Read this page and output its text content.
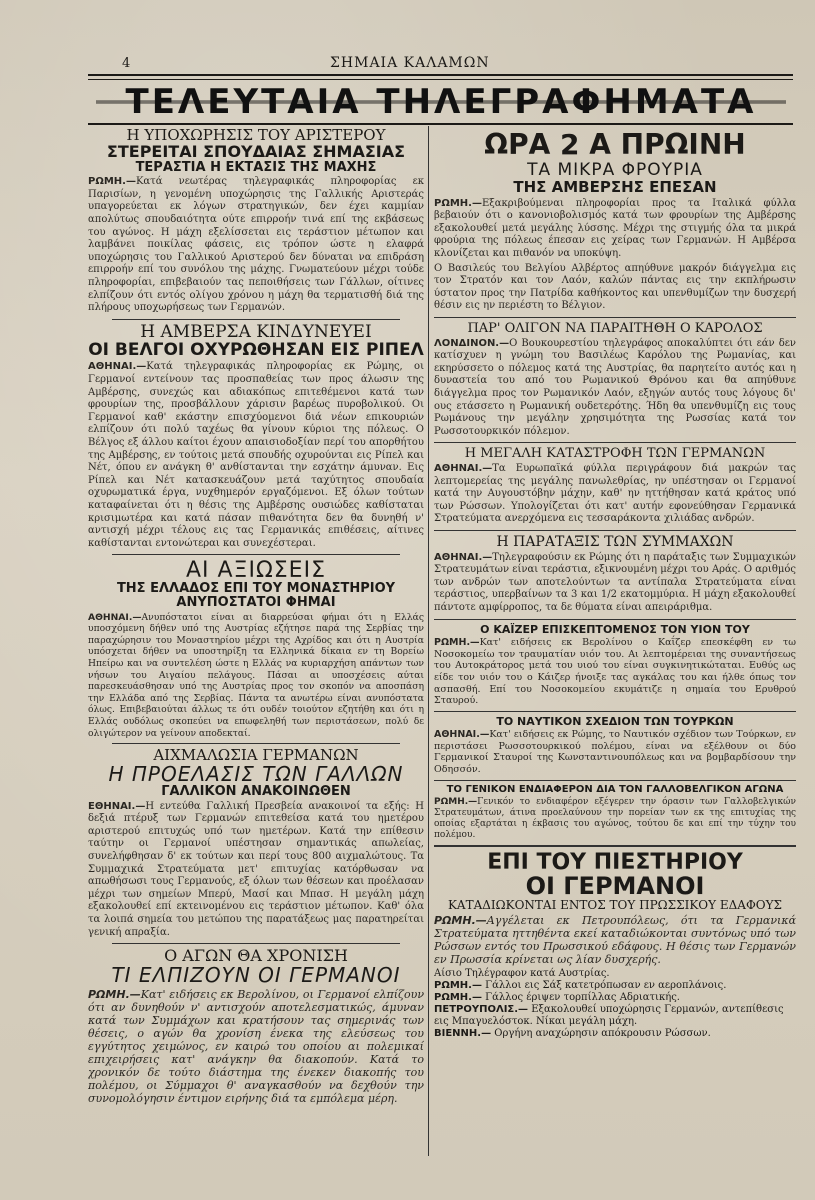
4	ΣΗΜΑΙΑ ΚΑΛΑΜΩΝ
ΤΕΛΕΥΤΑΙΑ ΤΗΛΕΓΡΑΦΗΜΑΤΑ

Η ΥΠΟΧΩΡΗΣΙΣ ΤΟΥ ΑΡΙΣΤΕΡΟΥ

ΣΤΕΡΕΙΤΑΙ ΣΠΟΥΔΑΙΑΣ ΣΗΜΑΣΙΑΣ

ΤΕΡΑΣΤΙΑ Η ΕΚΤΑΣΙΣ ΤΗΣ ΜΑΧΗΣ

ΡΩΜΗ.—Κατά νεωτέρας τηλεγραφικάς πληροφορίας εκ Παρισίων, η γενομένη υποχώρησις της Γαλλικής Αριστεράς υπαγορεύεται εκ λόγων στρατηγικών, δεν έχει καμμίαν απολύτως σπουδαιότητα ούτε επιρροήν τινά επί της εκβάσεως του αγώνος. Η μάχη εξελίσσεται εις τεράστιον μέτωπον και λαμβάνει ποικίλας φάσεις, εις τρόπον ώστε η ελαφρά υποχώρησις του Γαλλικού Αριστερού δεν δύναται να επιδράση επιρροήν επί του συνόλου της μάχης. Γνωματεύουν μέχρι τούδε πληροφορίαι, επιβεβαιούν τας πεποιθήσεις των Γάλλων, οίτινες ελπίζουν ότι εντός ολίγου χρόνου η μάχη θα τερματισθή διά της πλήρους υποχωρήσεως των Γερμανών.

Η ΑΜΒΕΡΣΑ ΚΙΝΔΥΝΕΥΕΙ

ΟΙ ΒΕΛΓΟΙ ΟΧΥΡΩΘΗΣΑΝ ΕΙΣ ΡΙΠΕΛ

ΑΘΗΝΑΙ.—Κατά τηλεγραφικάς πληροφορίας εκ Ρώμης, οι Γερμανοί εντείνουν τας προσπαθείας των προς άλωσιν της Αμβέρσης, συνεχώς και αδιακόπως επιτεθέμενοι κατά των φρουρίων της, προσβάλλουν χάρισιν βαρέως πυροβολικού. Οι Γερμανοί καθ' εκάστην επισχύομενοι διά νέων επικουριών ελπίζουν ότι πολύ ταχέως θα γίνουν κύριοι της πόλεως. Ο Βέλγος εξ άλλου καίτοι έχουν απαισιοδοξίαν περί του απορθήτου της Αμβέρσης, εν τούτοις μετά σπουδής οχυρούνται εις Ρίπελ και Νέτ, όπου εν ανάγκη θ' ανθίστανται την εσχάτην άμυναν. Εις Ρίπελ και Νέτ κατασκευάζουν μετά ταχύτητος σπουδαία οχυρωματικά έργα, νυχθημερόν εργαζόμενοι. Εξ όλων τούτων καταφαίνεται ότι η θέσις της Αμβέρσης ουσιώδες καθίσταται κρισιμωτέρα και κατά πάσαν πιθανότητα δεν θα δυνηθή ν' αντισχή μέχρι τέλους εις τας Γερμανικάς επιθέσεις, αίτινες καθίστανται εντονώτεραι και συνεχέστεραι.

ΑΙ ΑΞΙΩΣΕΙΣ

ΤΗΣ ΕΛΛΑΔΟΣ ΕΠΙ ΤΟΥ ΜΟΝΑΣΤΗΡΙΟΥ

ΑΝΥΠΟΣΤΑΤΟΙ ΦΗΜΑΙ

ΑΘΗΝΑΙ.—Ανυπόστατοι είναι αι διαρρεύσαι φήμαι ότι η Ελλάς υποσχόμενη δήθεν υπό της Αυστρίας εζήτησε παρά της Σερβίας την παραχώρησιν του Μοναστηρίου μέχρι της Αχρίδος και ότι η Αυστρία υπόσχεται δήθεν να υποστηρίξη τα Ελληνικά δίκαια εν τη Βορείω Ηπείρω και να συντελέση ώστε η Ελλάς να κυριαρχήση απάντων των νήσων του Αιγαίου πελάγους. Πάσαι αι υποσχέσεις αύται παρεσκευάσθησαν υπό της Αυστρίας προς τον σκοπόν να αποσπάση την Ελλάδα από της Σερβίας. Πάντα τα ανωτέρω είναι ανυπόστατα όλως. Επιβεβαιούται άλλως τε ότι ουδέν τοιούτον εζητήθη και ότι η Ελλάς ουδόλως σκοπεύει να επωφεληθή των περιστάσεων, πολύ δε ολιγώτερον να γείνουν αποδεκταί.

ΑΙΧΜΑΛΩΣΙΑ ΓΕΡΜΑΝΩΝ

Η ΠΡΟΕΛΑΣΙΣ ΤΩΝ ΓΑΛΛΩΝ

ΓΑΛΛΙΚΟΝ ΑΝΑΚΟΙΝΩΘΕΝ

ΕΘΗΝΑΙ.—Η εντεύθα Γαλλική Πρεσβεία ανακοινοί τα εξής: Η δεξιά πτέρυξ των Γερμανών επιτεθείσα κατά του ημετέρου αριστερού επιτυχώς υπό των ημετέρων. Κατά την επίθεσιν ταύτην οι Γερμανοί υπέστησαν σημαντικάς απωλείας, συνελήφθησαν δ' εκ τούτων και περί τους 800 αιχμαλώτους. Τα Συμμαχικά Στρατεύματα μετ' επιτυχίας κατόρθωσαν να απωθήσωσι τους Γερμανούς, εξ όλων των θέσεων και προέλασαν μέχρι των σημείων Μπερύ, Μασί και Μπασ. Η μεγάλη μάχη εξακολουθεί επί εκτεινομένου εις τεράστιον μέτωπον. Καθ' όλα τα λοιπά σημεία του μετώπου της παρατάξεως μας παρατηρείται γενική απραξία.

Ο ΑΓΩΝ ΘΑ ΧΡΟΝΙΣΗ

ΤΙ ΕΛΠΙΖΟΥΝ ΟΙ ΓΕΡΜΑΝΟΙ

ΡΩΜΗ.—Κατ' ειδήσεις εκ Βερολίνου, οι Γερμανοί ελπίζουν ότι αν δυνηθούν ν' αντισχούν αποτελεσματικώς, άμυναν κατά των Συμμάχων και κρατήσουν τας σημερινάς των θέσεις, ο αγών θα χρονίση ένεκα της ελεύσεως του εγγύτητος χειμώνος, εν καιρώ του οποίου αι πολεμικαί επιχειρήσεις κατ' ανάγκην θα διακοπούν. Κατά το χρονικόν δε τούτο διάστημα της ένεκεν διακοπής του πολέμου, οι Σύμμαχοι θ' αναγκασθούν να δεχθούν την συνομολόγησιν έντιμον ειρήνης διά τα εμπόλεμα μέρη.

ΩΡΑ 2 Α ΠΡΩΙΝΗ

ΤΑ ΜΙΚΡΑ ΦΡΟΥΡΙΑ

ΤΗΣ ΑΜΒΕΡΣΗΣ ΕΠΕΣΑΝ

ΡΩΜΗ.—Εξακριβούμεναι πληροφορίαι προς τα Ιταλικά φύλλα βεβαιούν ότι ο κανονιοβολισμός κατά των φρουρίων της Αμβέρσης εξακολουθεί μετά μεγάλης λύσσης. Μέχρι της στιγμής όλα τα μικρά φρούρια της πόλεως έπεσαν εις χείρας των Γερμανών. Η Αμβέρσα κλονίζεται και πιθανόν να υποκύψη.

Ο Βασιλεύς του Βελγίου Αλβέρτος απηύθυνε μακρόν διάγγελμα εις τον Στρατόν και τον Λαόν, καλών πάντας εις την εκπλήρωσιν ύστατον προς την Πατρίδα καθήκοντος και υπενθυμίζων την δυσχερή θέσιν εις ην περιέστη το Βέλγιον.

ΠΑΡ' ΟΛΙΓΟΝ ΝΑ ΠΑΡΑΙΤΗΘΗ Ο ΚΑΡΟΛΟΣ

ΛΟΝΔΙΝΟΝ.—Ο Βουκουρεστίου τηλεγράφος αποκαλύπτει ότι εάν δεν κατίσχυεν η γνώμη του Βασιλέως Καρόλου της Ρωμανίας, και εκηρύσσετο ο πόλεμος κατά της Αυστρίας, θα παρητείτο αυτός και η δυναστεία του από του Ρωμανικού Θρόνου και θα απηύθυνε διάγγελμα προς τον Ρωμανικόν Λαόν, εξηγών αυτός τους λόγους δι' ους ετάσσετο η Ρωμανική ουδετερότης. Ήδη θα υπενθυμίζη εις τους Ρωμάνους την μεγάλην χρησιμότητα της Ρωσσίας κατά τον Ρωσσοτουρκικόν πόλεμον.

Η ΜΕΓΑΛΗ ΚΑΤΑΣΤΡΟΦΗ ΤΩΝ ΓΕΡΜΑΝΩΝ

ΑΘΗΝΑΙ.—Τα Ευρωπαϊκά φύλλα περιγράφουν διά μακρών τας λεπτομερείας της μεγάλης πανωλεθρίας, ην υπέστησαν οι Γερμανοί κατά την Αυγουστόβην μάχην, καθ' ην ηττήθησαν κατά κράτος υπό των Ρώσσων. Υπολογίζεται ότι κατ' αυτήν εφονεύθησαν Γερμανικά Στρατεύματα ανερχόμενα εις τεσσαράκοντα χιλιάδας ανδρών.

Η ΠΑΡΑΤΑΞΙΣ ΤΩΝ ΣΥΜΜΑΧΩΝ

ΑΘΗΝΑΙ.—Τηλεγραφούσιν εκ Ρώμης ότι η παράταξις των Συμμαχικών Στρατευμάτων είναι τεράστια, εξικνουμένη μέχρι του Αράς. Ο αριθμός των ανδρών των αποτελούντων τα αντίπαλα Στρατεύματα είναι τεράστιος, υπερβαίνων τα 3 και 1/2 εκατομμύρια. Η μάχη εξακολουθεί πάντοτε αμφίρροπος, τα δε θύματα είναι απειράριθμα.

Ο ΚΑΪΖΕΡ ΕΠΙΣΚΕΠΤΟΜΕΝΟΣ ΤΟΝ ΥΙΟΝ ΤΟΥ

ΡΩΜΗ.—Κατ' ειδήσεις εκ Βερολίνου ο Καΐζερ επεσκέφθη εν τω Νοσοκομείω τον τραυματίαν υιόν του. Αι λεπτομέρειαι της συναντήσεως του Αυτοκράτορος μετά του υιού του είναι συγκινητικώταται. Ευθύς ως είδε τον υιόν του ο Κάιζερ ήνοιξε τας αγκάλας του και ήλθε όπως τον ασπασθή. Επί του Νοσοκομείου εκυμάτιζε η σημαία του Ερυθρού Σταυρού.

ΤΟ ΝΑΥΤΙΚΟΝ ΣΧΕΔΙΟΝ ΤΩΝ ΤΟΥΡΚΩΝ

ΑΘΗΝΑΙ.—Κατ' ειδήσεις εκ Ρώμης, το Ναυτικόν σχέδιον των Τούρκων, εν περιστάσει Ρωσσοτουρκικού πολέμου, είναι να εξέλθουν οι δύο Γερμανικοί Σταυροί της Κωνσταντινουπόλεως και να βομβαρδίσουν την Οδησσόν.

ΤΟ ΓΕΝΙΚΟΝ ΕΝΔΙΑΦΕΡΟΝ ΔΙΑ ΤΟΝ ΓΑΛΛΟΒΕΛΓΙΚΟΝ ΑΓΩΝΑ

ΡΩΜΗ.—Γενικόν το ενδιαφέρον εξέγερεν την όρασιν των Γαλλοβελγικών Στρατευμάτων, άτινα προελαύνουν την πορείαν των εκ της επιτυχίας της οποίας εξαρτάται η έκβασις του αγώνος, τούτου δε και επί την τύχην του πολέμου.

ΕΠΙ ΤΟΥ ΠΙΕΣΤΗΡΙΟΥ

ΟΙ ΓΕΡΜΑΝΟΙ

ΚΑΤΑΔΙΩΚΟΝΤΑΙ ΕΝΤΟΣ ΤΟΥ ΠΡΩΣΣΙΚΟΥ ΕΔΑΦΟΥΣ

ΡΩΜΗ.—Αγγέλεται εκ Πετρουπόλεως, ότι τα Γερμανικά Στρατεύματα ηττηθέντα εκεί καταδιώκονται συντόνως υπό των Ρώσσων εντός του Πρωσσικού εδάφους. Η θέσις των Γερμανών εν Πρωσσία κρίνεται ως λίαν δυσχερής.

Αίσιο Τηλέγραφον κατά Αυστρίας.
ΡΩΜΗ.— Γάλλοι εις Σάξ κατετρόπωσαν εν αεροπλάνοις.
ΡΩΜΗ.— Γάλλος έριψεν τορπίλλας Αδριατικής.
ΠΕΤΡΟΥΠΟΛΙΣ.— Εξακολουθεί υποχώρησις Γερμανών, αντεπίθεσις εις Μπαγυελόστοκ. Νίκαι μεγάλη μάχη.
ΒΙΕΝΝΗ.— Οργήνη αναχώρησιν απόκρουσιν Ρώσσων.
